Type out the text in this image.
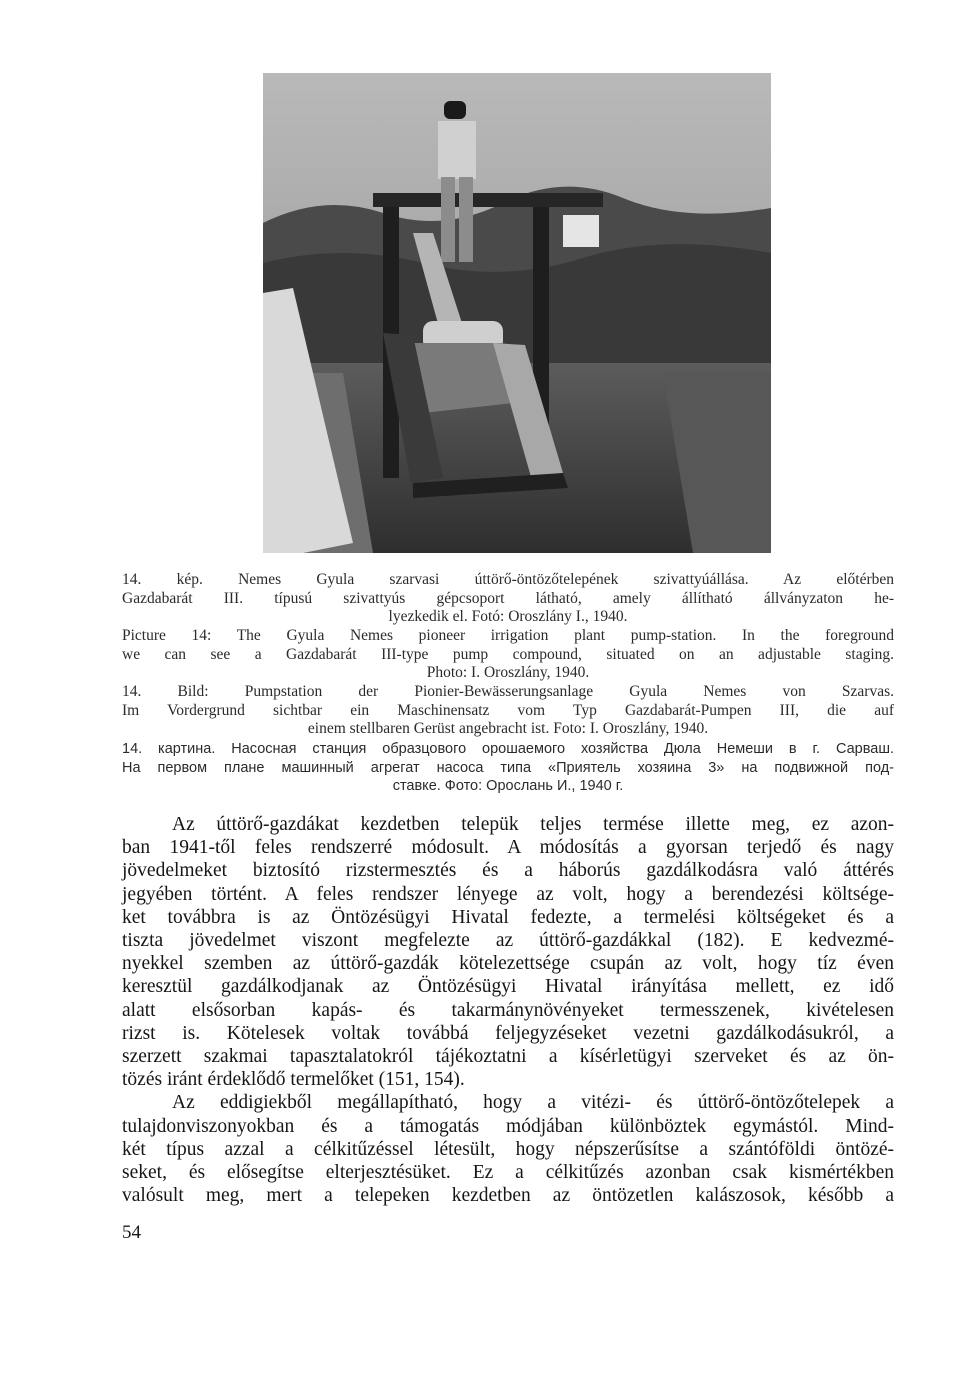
14. kép. Nemes Gyula szarvasi úttörő-öntözőtelepének szivattyúállása. Az előtérben

Gazdabarát III. típusú szivattyús gépcsoport látható, amely állítható állványzaton he-

lyezkedik el. Fotó: Oroszlány I., 1940.

Picture 14: The Gyula Nemes pioneer irrigation plant pump-station. In the foreground

we can see a Gazdabarát III-type pump compound, situated on an adjustable staging.

Photo: I. Oroszlány, 1940.

14. Bild: Pumpstation der Pionier-Bewässerungsanlage Gyula Nemes von Szarvas.

Im Vordergrund sichtbar ein Maschinensatz vom Typ Gazdabarát-Pumpen III, die auf

einem stellbaren Gerüst angebracht ist. Foto: I. Oroszlány, 1940.

14. картина. Насосная станция образцового орошаемого хозяйства Дюла Немеши в г. Сарваш.

На первом плане машинный агрегат насоса типа «Приятель хозяина 3» на подвижной под-

ставке. Фото: Орослань И., 1940 г.

Az úttörő-gazdákat kezdetben telepük teljes termése illette meg, ez azon-
ban 1941-től feles rendszerré módosult. A módosítás a gyorsan terjedő és nagy
jövedelmeket biztosító rizstermesztés és a háborús gazdálkodásra való áttérés
jegyében történt. A feles rendszer lényege az volt, hogy a berendezési költsége-
ket továbbra is az Öntözésügyi Hivatal fedezte, a termelési költségeket és a
tiszta jövedelmet viszont megfelezte az úttörő-gazdákkal (182). E kedvezmé-
nyekkel szemben az úttörő-gazdák kötelezettsége csupán az volt, hogy tíz éven
keresztül gazdálkodjanak az Öntözésügyi Hivatal irányítása mellett, ez idő
alatt elsősorban kapás- és takarmánynövényeket termesszenek, kivételesen
rizst is. Kötelesek voltak továbbá feljegyzéseket vezetni gazdálkodásukról, a
szerzett szakmai tapasztalatokról tájékoztatni a kísérletügyi szerveket és az ön-
tözés iránt érdeklődő termelőket (151, 154).
Az eddigiekből megállapítható, hogy a vitézi- és úttörő-öntözőtelepek a
tulajdonviszonyokban és a támogatás módjában különböztek egymástól. Mind-
két típus azzal a célkitűzéssel létesült, hogy népszerűsítse a szántóföldi öntözé-
seket, és elősegítse elterjesztésüket. Ez a célkitűzés azonban csak kismértékben
valósult meg, mert a telepeken kezdetben az öntözetlen kalászosok, később a
54
